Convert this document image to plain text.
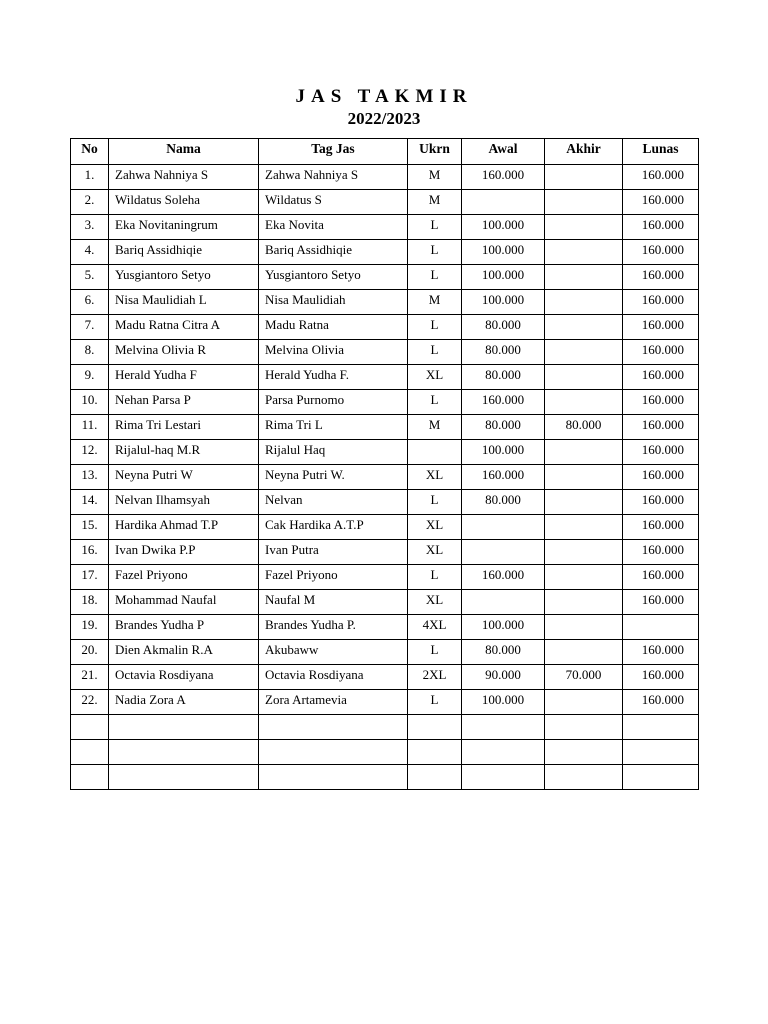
JAS TAKMIR
2022/2023
No	Nama	Tag Jas	Ukrn	Awal	Akhir	Lunas
1.	Zahwa Nahniya S	Zahwa Nahniya S	M	160.000		160.000
2.	Wildatus Soleha	Wildatus S	M			160.000
3.	Eka Novitaningrum	Eka Novita	L	100.000		160.000
4.	Bariq Assidhiqie	Bariq Assidhiqie	L	100.000		160.000
5.	Yusgiantoro Setyo	Yusgiantoro Setyo	L	100.000		160.000
6.	Nisa Maulidiah L	Nisa Maulidiah	M	100.000		160.000
7.	Madu Ratna Citra A	Madu Ratna	L	80.000		160.000
8.	Melvina Olivia R	Melvina Olivia	L	80.000		160.000
9.	Herald Yudha F	Herald Yudha F.	XL	80.000		160.000
10.	Nehan Parsa P	Parsa Purnomo	L	160.000		160.000
11.	Rima Tri Lestari	Rima Tri L	M	80.000	80.000	160.000
12.	Rijalul-haq M.R	Rijalul Haq		100.000		160.000
13.	Neyna Putri W	Neyna Putri W.	XL	160.000		160.000
14.	Nelvan Ilhamsyah	Nelvan	L	80.000		160.000
15.	Hardika Ahmad T.P	Cak Hardika A.T.P	XL			160.000
16.	Ivan Dwika P.P	Ivan Putra	XL			160.000
17.	Fazel Priyono	Fazel Priyono	L	160.000		160.000
18.	Mohammad Naufal	Naufal M	XL			160.000
19.	Brandes Yudha P	Brandes Yudha P.	4XL	100.000		
20.	Dien Akmalin R.A	Akubaww	L	80.000		160.000
21.	Octavia Rosdiyana	Octavia Rosdiyana	2XL	90.000	70.000	160.000
22.	Nadia Zora A	Zora Artamevia	L	100.000		160.000
